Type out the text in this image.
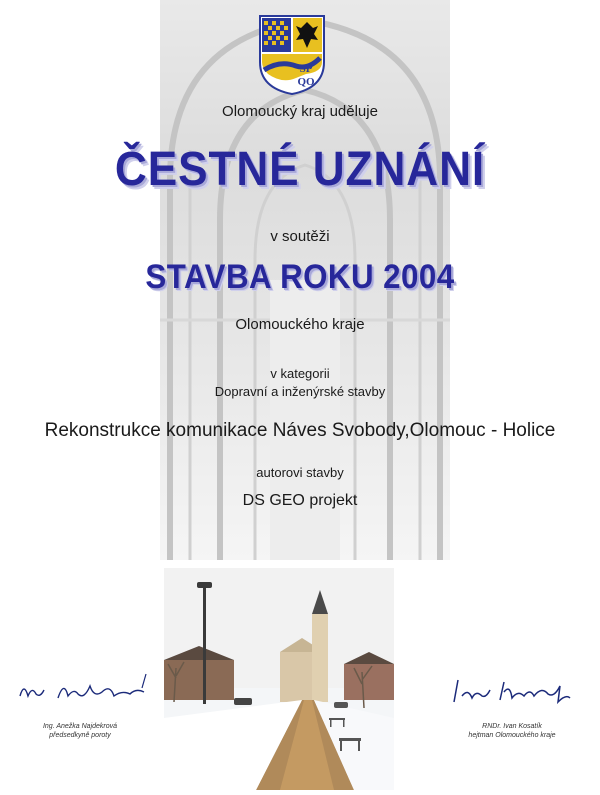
SP
QO

Olomoucký kraj uděluje

ČESTNÉ UZNÁNÍ

v soutěži

STAVBA ROKU 2004

Olomouckého kraje

v kategorii

Dopravní a inženýrské stavby

Rekonstrukce komunikace Náves Svobody,Olomouc - Holice

autorovi stavby

DS GEO projekt

Ing. Anežka Najdekrová

předsedkyně poroty

RNDr. Ivan Kosatík

hejtman Olomouckého kraje
